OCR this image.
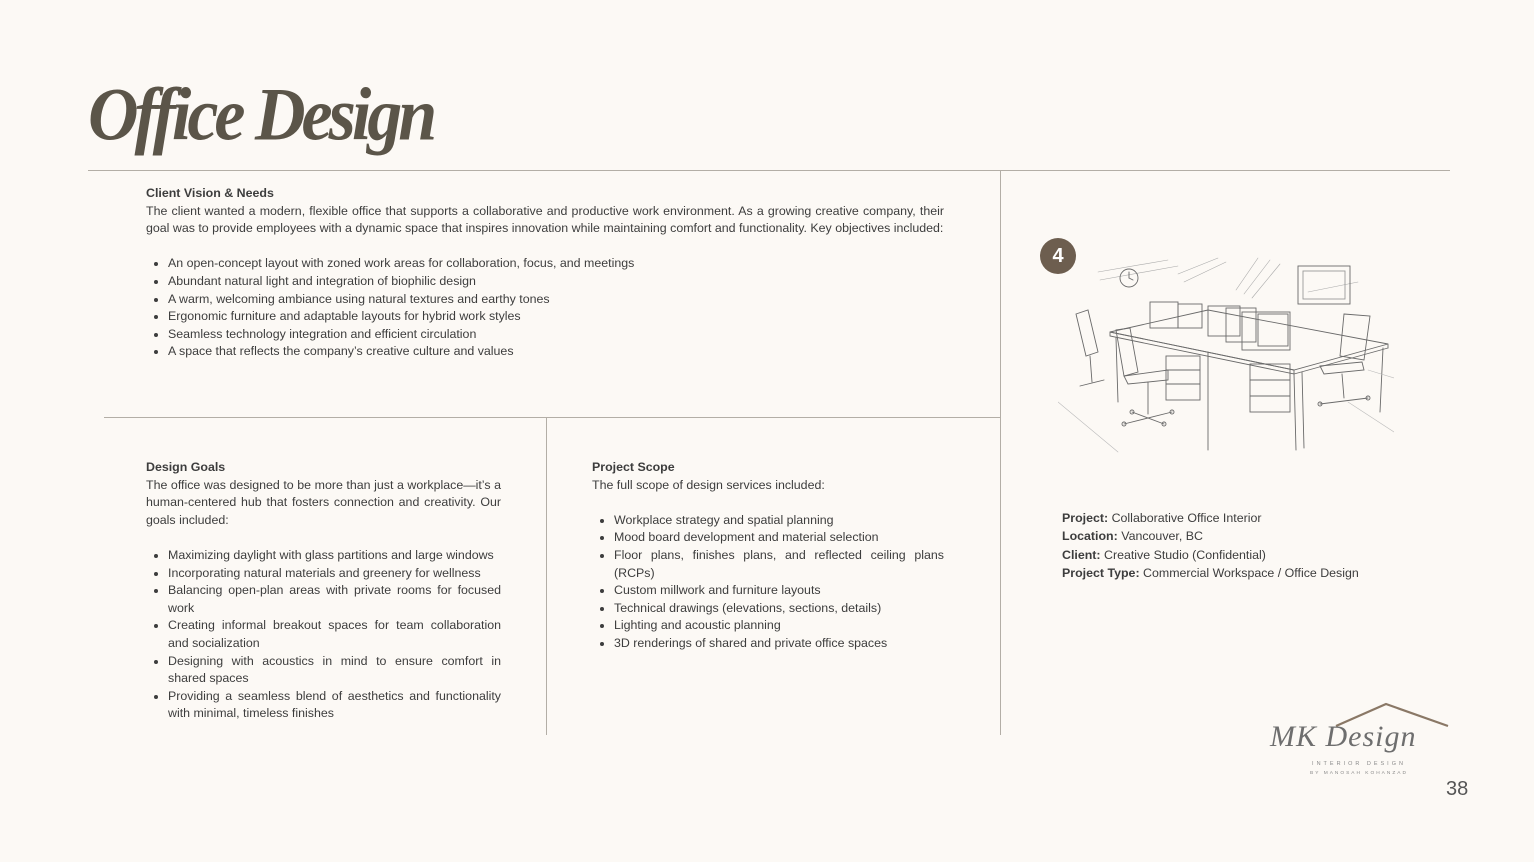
Office Design
Client Vision & Needs

The client wanted a modern, flexible office that supports a collaborative and productive work environment. As a growing creative company, their goal was to provide employees with a dynamic space that inspires innovation while maintaining comfort and functionality. Key objectives included:

• An open-concept layout with zoned work areas for collaboration, focus, and meetings
• Abundant natural light and integration of biophilic design
• A warm, welcoming ambiance using natural textures and earthy tones
• Ergonomic furniture and adaptable layouts for hybrid work styles
• Seamless technology integration and efficient circulation
• A space that reflects the company’s creative culture and values
Design Goals

The office was designed to be more than just a workplace—it’s a human-centered hub that fosters connection and creativity. Our goals included:

• Maximizing daylight with glass partitions and large windows
• Incorporating natural materials and greenery for wellness
• Balancing open-plan areas with private rooms for focused work
• Creating informal breakout spaces for team collaboration and socialization
• Designing with acoustics in mind to ensure comfort in shared spaces
• Providing a seamless blend of aesthetics and functionality with minimal, timeless finishes
Project Scope

The full scope of design services included:

• Workplace strategy and spatial planning
• Mood board development and material selection
• Floor plans, finishes plans, and reflected ceiling plans (RCPs)
• Custom millwork and furniture layouts
• Technical drawings (elevations, sections, details)
• Lighting and acoustic planning
• 3D renderings of shared and private office spaces
4
Project: Collaborative Office Interior
Location: Vancouver, BC
Client: Creative Studio (Confidential)
Project Type: Commercial Workspace / Office Design
MK Design
INTERIOR DESIGN
BY MANOSAH KOHANZAD
38
